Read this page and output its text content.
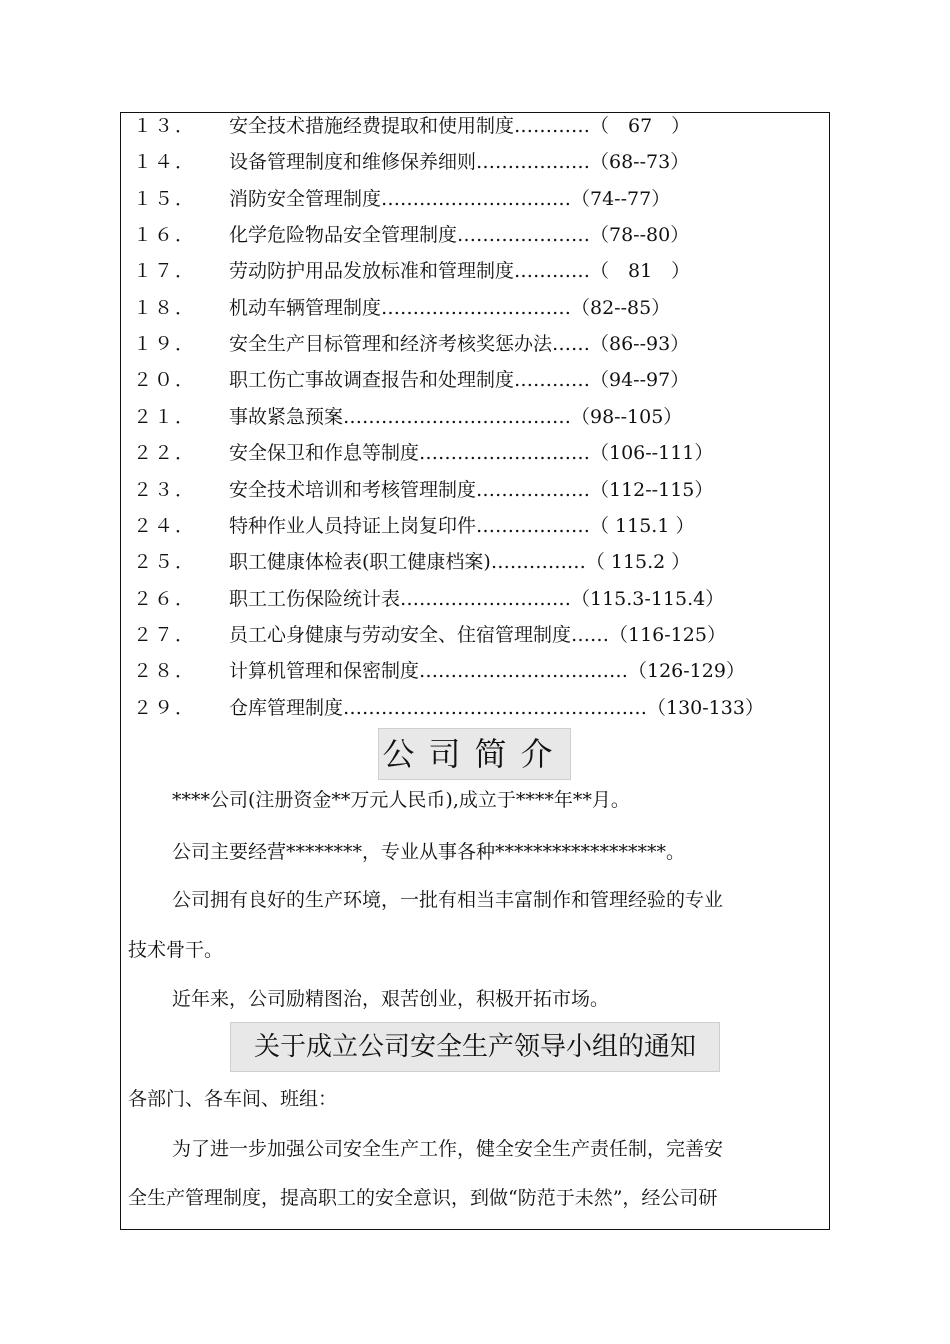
１３． 安全技术措施经费提取和使用制度…………（　67　）
１４． 设备管理制度和维修保养细则………………（68--73）
１５． 消防安全管理制度…………………………（74--77）
１６． 化学危险物品安全管理制度…………………（78--80）
１７． 劳动防护用品发放标准和管理制度…………（　81　）
１８． 机动车辆管理制度…………………………（82--85）
１９． 安全生产目标管理和经济考核奖惩办法……（86--93）
２０． 职工伤亡事故调查报告和处理制度…………（94--97）
２１． 事故紧急预案………………………………（98--105）
２２． 安全保卫和作息等制度………………………（106--111）
２３． 安全技术培训和考核管理制度………………（112--115）
２４． 特种作业人员持证上岗复印件………………（ 115.1 ）
２５． 职工健康体检表(职工健康档案)……………（ 115.2 ）
２６． 职工工伤保险统计表………………………（115.3-115.4）
２７． 员工心身健康与劳动安全、住宿管理制度……（116-125）
２８． 计算机管理和保密制度……………………………（126-129）
２９． 仓库管理制度…………………………………………（130-133）
公司简介
****公司(注册资金**万元人民币),成立于****年**月。
公司主要经营********，专业从事各种******************。
公司拥有良好的生产环境，一批有相当丰富制作和管理经验的专业
技术骨干。
近年来，公司励精图治，艰苦创业，积极开拓市场。
关于成立公司安全生产领导小组的通知
各部门、各车间、班组：
为了进一步加强公司安全生产工作，健全安全生产责任制，完善安
全生产管理制度，提高职工的安全意识，到做“防范于未然”，经公司研
